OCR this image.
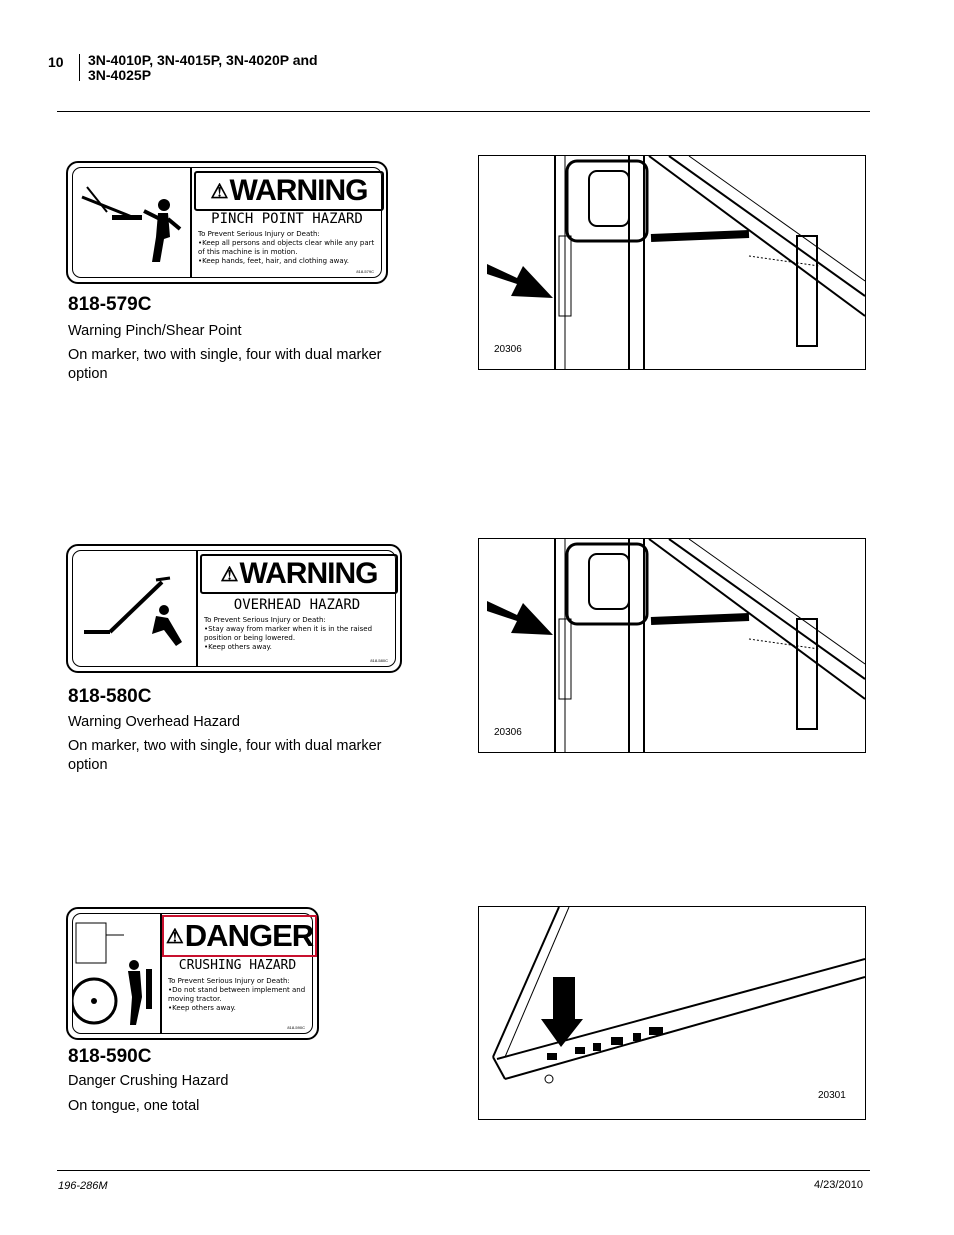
10 3N-4010P, 3N-4015P, 3N-4020P and
3N-4025P
⚠ WARNING
PINCH POINT HAZARD
To Prevent Serious Injury or Death:
•Keep all persons and objects clear while any part of this machine is in motion.
•Keep hands, feet, hair, and clothing away.
818-579C
818-579C
Warning Pinch/Shear Point
On marker, two with single, four with dual marker option
20306
⚠ WARNING
OVERHEAD HAZARD
To Prevent Serious Injury or Death:
•Stay away from marker when it is in the raised position or being lowered.
•Keep others away.
818-580C
818-580C
Warning Overhead Hazard
On marker, two with single, four with dual marker option
20306
⚠ DANGER
CRUSHING HAZARD
To Prevent Serious Injury or Death:
•Do not stand between implement and moving tractor.
•Keep others away.
818-590C
818-590C
Danger Crushing Hazard
On tongue, one total
20301
196-286M	4/23/2010
